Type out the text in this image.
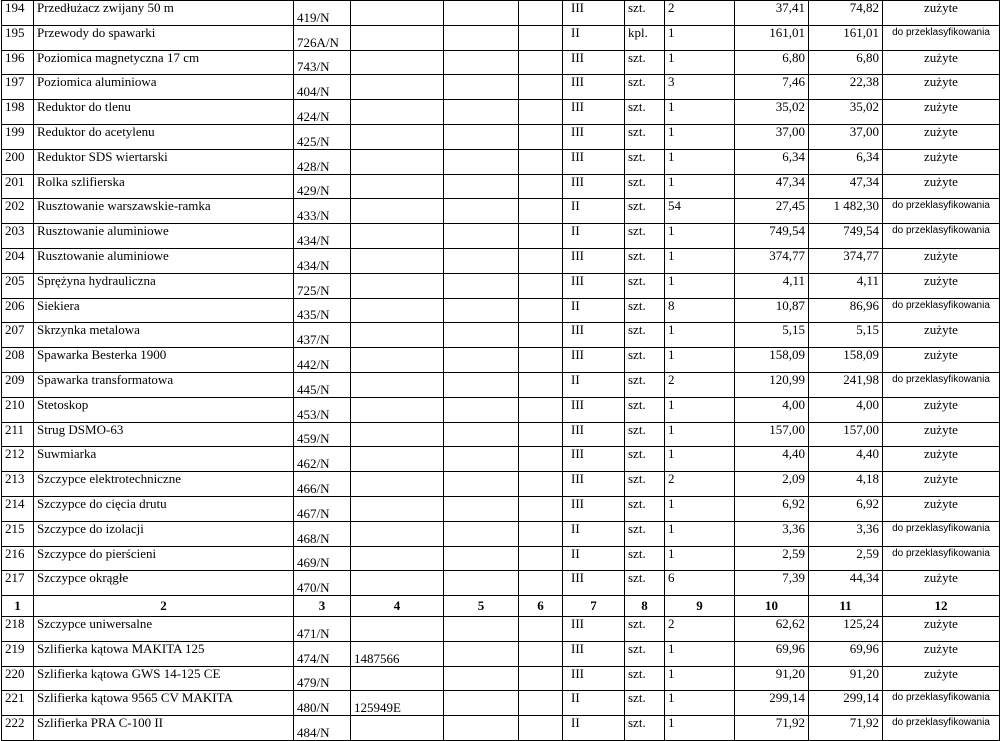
194	Przedłużacz zwijany 50 m	419/N				III	szt.	2	37,41	74,82	zużyte
195	Przewody do spawarki	726A/N				II	kpl.	1	161,01	161,01	do przeklasyfikowania
196	Poziomica magnetyczna 17 cm	743/N				III	szt.	1	6,80	6,80	zużyte
197	Poziomica aluminiowa	404/N				III	szt.	3	7,46	22,38	zużyte
198	Reduktor do tlenu	424/N				III	szt.	1	35,02	35,02	zużyte
199	Reduktor do acetylenu	425/N				III	szt.	1	37,00	37,00	zużyte
200	Reduktor SDS wiertarski	428/N				III	szt.	1	6,34	6,34	zużyte
201	Rolka szlifierska	429/N				III	szt.	1	47,34	47,34	zużyte
202	Rusztowanie warszawskie-ramka	433/N				II	szt.	54	27,45	1 482,30	do przeklasyfikowania
203	Rusztowanie aluminiowe	434/N				II	szt.	1	749,54	749,54	do przeklasyfikowania
204	Rusztowanie aluminiowe	434/N				III	szt.	1	374,77	374,77	zużyte
205	Sprężyna hydrauliczna	725/N				III	szt.	1	4,11	4,11	zużyte
206	Siekiera	435/N				II	szt.	8	10,87	86,96	do przeklasyfikowania
207	Skrzynka metalowa	437/N				III	szt.	1	5,15	5,15	zużyte
208	Spawarka Besterka 1900	442/N				III	szt.	1	158,09	158,09	zużyte
209	Spawarka transformatowa	445/N				II	szt.	2	120,99	241,98	do przeklasyfikowania
210	Stetoskop	453/N				III	szt.	1	4,00	4,00	zużyte
211	Strug DSMO-63	459/N				III	szt.	1	157,00	157,00	zużyte
212	Suwmiarka	462/N				III	szt.	1	4,40	4,40	zużyte
213	Szczypce elektrotechniczne	466/N				III	szt.	2	2,09	4,18	zużyte
214	Szczypce do cięcia drutu	467/N				III	szt.	1	6,92	6,92	zużyte
215	Szczypce do izolacji	468/N				II	szt.	1	3,36	3,36	do przeklasyfikowania
216	Szczypce do pierścieni	469/N				II	szt.	1	2,59	2,59	do przeklasyfikowania
217	Szczypce okrągłe	470/N				III	szt.	6	7,39	44,34	zużyte
1	2	3	4	5	6	7	8	9	10	11	12
218	Szczypce uniwersalne	471/N				III	szt.	2	62,62	125,24	zużyte
219	Szlifierka kątowa MAKITA 125	474/N	1487566			III	szt.	1	69,96	69,96	zużyte
220	Szlifierka kątowa GWS 14-125 CE	479/N				III	szt.	1	91,20	91,20	zużyte
221	Szlifierka kątowa 9565 CV MAKITA	480/N	125949E			II	szt.	1	299,14	299,14	do przeklasyfikowania
222	Szlifierka PRA C-100 II	484/N				II	szt.	1	71,92	71,92	do przeklasyfikowania
